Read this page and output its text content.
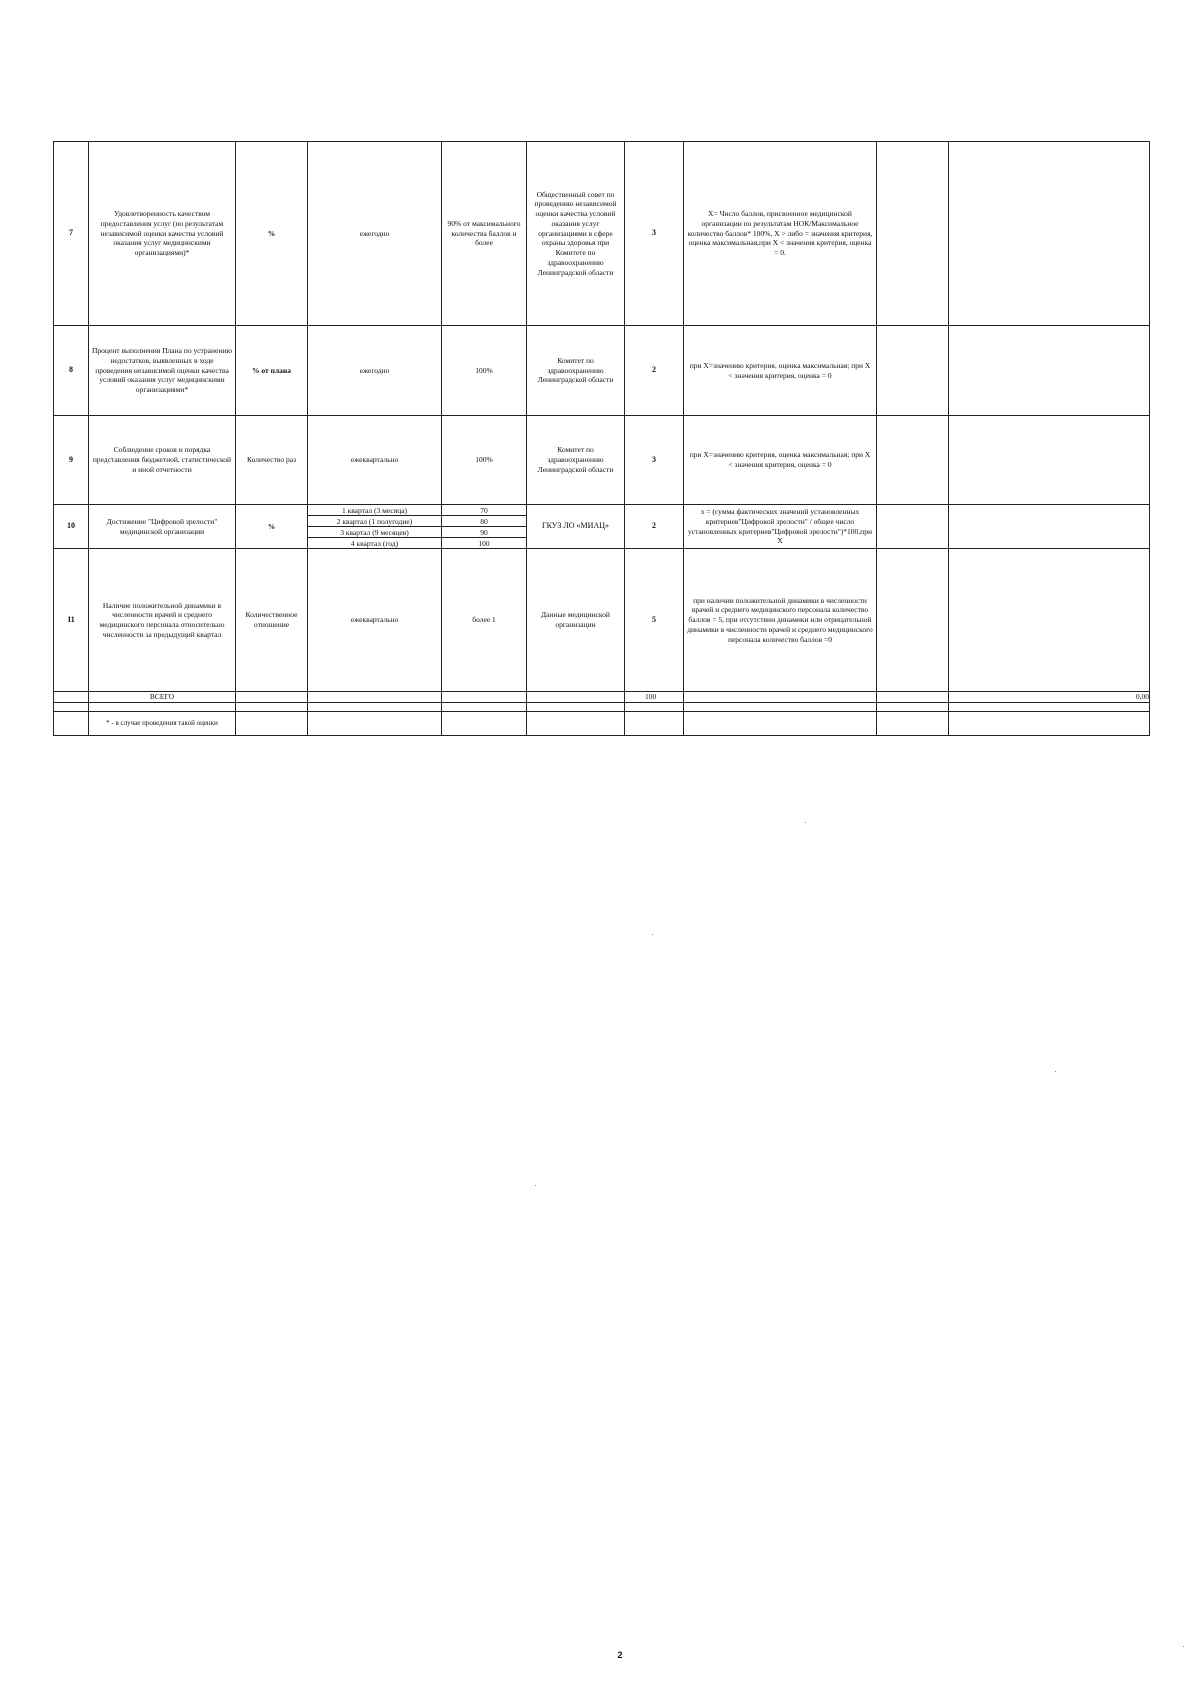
7	Удовлетворенность качеством предоставления услуг (по результатам независимой оценки качества условий оказания услуг медицинскими организациями)*	%	ежегодно	90% от максимального количества баллов и более	Общественный совет по проведению независимой оценки качества условий оказания услуг организациями в сфере охраны здоровья при Комитете по здравоохранению Ленинградской области	3	X= Число баллов, присвоенное медицинской организации по результатам НОК/Максимальное количество баллов* 100%, X > либо = значения критерия, оценка максимальная,при X < значения критерия, оценка = 0.		
8	Процент выполнения Плана по устранению недостатков, выявленных в ходе проведения независимой оценки качества условий оказания услуг медицинскими организациями*	% от плана	ежегодно	100%	Комитет по здравоохранению Ленинградской области	2	при X=значению критерия, оценка максимальная; при X < значения критерия, оценка = 0		
9	Соблюдение сроков и порядка представления бюджетной, статистической и иной отчетности	Количество раз	ежеквартально	100%	Комитет по здравоохранению Ленинградской области	3	при X=значению критерия, оценка максимальная; при X < значения критерия, оценка = 0		
10	Достижение "Цифровой зрелости" медицинской организации	%	1 квартал (3 месяца)	70	ГКУЗ ЛО «МИАЦ»	2	x = (сумма фактических значений установленных критериев"Цифровой зрелости" / общее число установленных критериев"Цифровой зрелости")*100,при X		
			2 квартал (1 полугодие)	80					
			3 квартал (9 месяцев)	90					
			4 квартал (год)	100					
11	Наличие положительной динамики в численности врачей и среднего медицинского персонала относительно численности за предыдущий квартал	Количественное отношение	ежеквартально	более 1	Данные медицинской организации	5	при наличии положительной динамики в численности врачей и среднего медицинского персонала количество баллов = 5, при отсутствии динамики или отрицательной динамики в численности врачей и среднего медицинского персонала количество баллов =0		
	ВСЕГО					100			0,00

	* - в случае проведения такой оценки								
2
